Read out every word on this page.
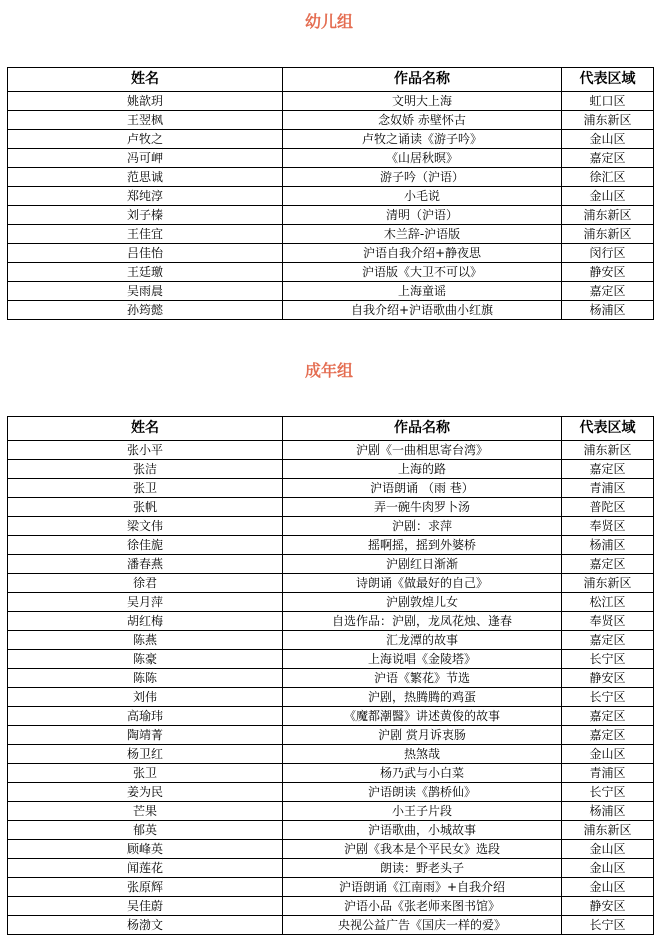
幼儿组
姓名	作品名称	代表区域
姚歆玥	文明大上海	虹口区
王翌枫	念奴娇 赤壁怀古	浦东新区
卢牧之	卢牧之诵读《游子吟》	金山区
冯可岬	《山居秋暝》	嘉定区
范思诚	游子吟（沪语）	徐汇区
郑纯淳	小毛说	金山区
刘子榛	清明（沪语）	浦东新区
王佳宜	木兰辞-沪语版	浦东新区
吕佳怡	沪语自我介绍+静夜思	闵行区
王廷璬	沪语版《大卫不可以》	静安区
吴雨晨	上海童谣	嘉定区
孙筠懿	自我介绍+沪语歌曲小红旗	杨浦区
成年组
姓名	作品名称	代表区域
张小平	沪剧《一曲相思寄台湾》	浦东新区
张洁	上海的路	嘉定区
张卫	沪语朗诵 （雨 巷）	青浦区
张帆	弄一碗牛肉罗卜汤	普陀区
梁文伟	沪剧：求萍	奉贤区
徐佳旎	摇啊摇，摇到外婆桥	杨浦区
潘春燕	沪剧红日渐渐	嘉定区
徐君	诗朗诵《做最好的自己》	浦东新区
吴月萍	沪剧敦煌儿女	松江区
胡红梅	自选作品：沪剧，龙凤花烛、逢春	奉贤区
陈燕	汇龙潭的故事	嘉定区
陈豪	上海说唱《金陵塔》	长宁区
陈陈	沪语《繁花》节选	静安区
刘伟	沪剧，热腾腾的鸡蛋	长宁区
高瑜玮	《魔都潮醫》讲述黄俊的故事	嘉定区
陶靖菁	沪剧 赏月诉衷肠	嘉定区
杨卫红	热煞哉	金山区
张卫	杨乃武与小白菜	青浦区
姜为民	沪语朗读《鹊桥仙》	长宁区
芒果	小王子片段	杨浦区
郁英	沪语歌曲，小城故事	浦东新区
顾峰英	沪剧《我本是个平民女》选段	金山区
闻莲花	朗读：野老头子	金山区
张原辉	沪语朗诵《江南雨》+自我介绍	金山区
吴佳蔚	沪语小品《张老师来图书馆》	静安区
杨渤文	央视公益广告《国庆一样的爱》	长宁区
